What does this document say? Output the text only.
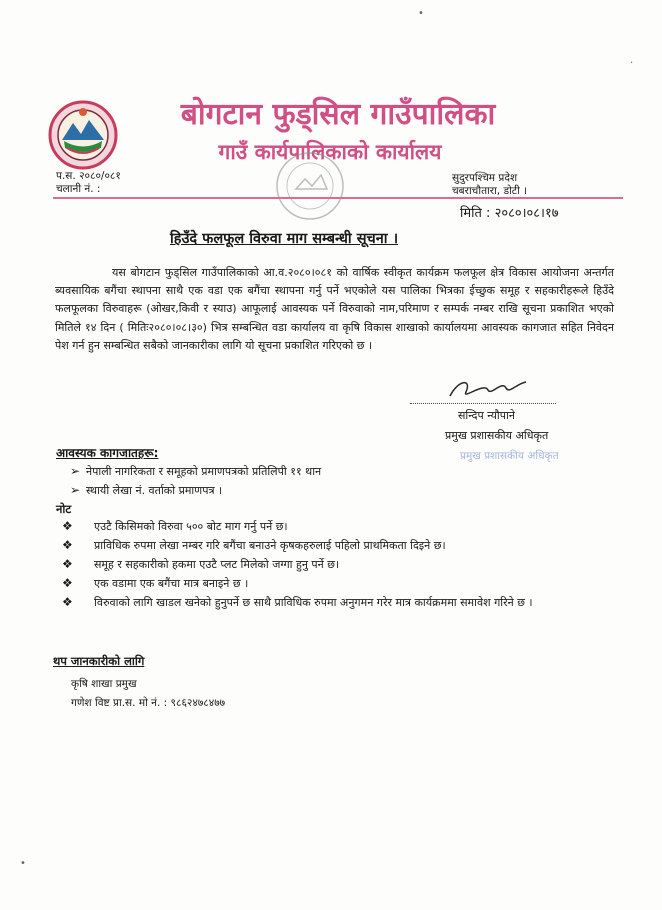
बोगटान फुड्सिल गाउँपालिका
गाउँ कार्यपालिकाको कार्यालय
प.स. २०८०/०८१
चलानी नं. :
सुदुरपश्चिम प्रदेश
चबराचौतारा, डोटी ।
मिति : २०८०।०८।१७
हिउँदे फलफूल विरुवा माग सम्बन्धी सूचना ।
यस बोगटान फुड्सिल गाउँपालिकाको आ.व.२०८०।०८१ को वार्षिक स्वीकृत कार्यक्रम फलफूल क्षेत्र विकास आयोजना अन्तर्गत ब्यवसायिक बगैंचा स्थापना साथै एक वडा एक बगैंचा स्थापना गर्नु पर्ने भएकोले यस पालिका भित्रका ईच्छुक समूह र सहकारीहरूले हिउँदे फलफूलका विरुवाहरू (ओखर,किवी र स्याउ) आफूलाई आवस्यक पर्ने विरुवाको नाम,परिमाण र सम्पर्क नम्बर राखि सूचना प्रकाशित भएको मितिले १४ दिन ( मितिः२०८०।०८।३०) भित्र सम्बन्धित वडा कार्यालय वा कृषि विकास शाखाको कार्यालयमा आवस्यक कागजात सहित निवेदन पेश गर्न हुन सम्बन्धित सबैको जानकारीका लागि यो सूचना प्रकाशित गरिएको छ ।
सन्दिप न्यौपाने
प्रमुख प्रशासकीय अधिकृत
प्रमुख प्रशासकीय अधिकृत
आवस्यक कागजातहरू:
➢ नेपाली नागरिकता र समूहको प्रमाणपत्रको प्रतिलिपी ११ थान
➢ स्थायी लेखा नं. वर्ताको प्रमाणपत्र ।
नोट
❖ एउटै किसिमको विरुवा ५०० बोट माग गर्नु पर्ने छ।
❖ प्राविधिक रुपमा लेखा नम्बर गरि बगैंचा बनाउने कृषकहरुलाई पहिलो प्राथमिकता दिइने छ।
❖ समूह र सहकारीको हकमा एउटै प्लट मिलेको जग्गा हुनु पर्ने छ।
❖ एक वडामा एक बगैंचा मात्र बनाइने छ ।
❖ विरुवाको लागि खाडल खनेको हुनुपर्ने छ साथै प्राविधिक रुपमा अनुगमन गरेर मात्र कार्यक्रममा समावेश गरिने छ ।
थप जानकारीको लागि
कृषि शाखा प्रमुख
गणेश विष्ट प्रा.स. मो नं. : ९८६२४७८४७७
•
·
•
